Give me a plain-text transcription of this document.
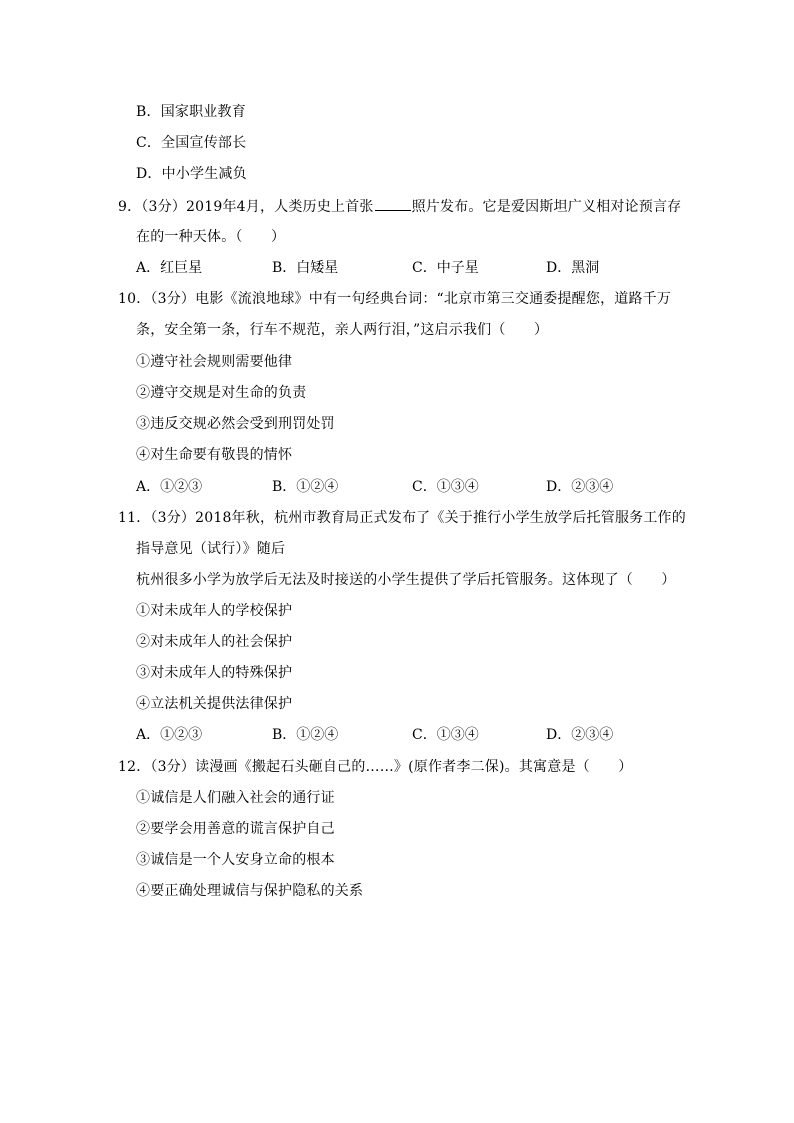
B．国家职业教育
C．全国宣传部长
D．中小学生减负
9．（3分）2019年4月，人类历史上首张	照片发布。它是爱因斯坦广义相对论预言存
在的一种天体。（　　）
A．红巨星	B．白矮星	C．中子星	D．黑洞
10．（3分）电影《流浪地球》中有一句经典台词：“北京市第三交通委提醒您，道路千万
条，安全第一条，行车不规范，亲人两行泪，”这启示我们（　　）
①遵守社会规则需要他律
②遵守交规是对生命的负责
③违反交规必然会受到刑罚处罚
④对生命要有敬畏的情怀
A．①②③	B．①②④	C．①③④	D．②③④
11．（3分）2018年秋，杭州市教育局正式发布了《关于推行小学生放学后托管服务工作的
指导意见（试行）》随后
杭州很多小学为放学后无法及时接送的小学生提供了学后托管服务。这体现了（　　）
①对未成年人的学校保护
②对未成年人的社会保护
③对未成年人的特殊保护
④立法机关提供法律保护
A．①②③	B．①②④	C．①③④	D．②③④
12．（3分）读漫画《搬起石头砸自己的……》(原作者李二保)。其寓意是（　　）
①诚信是人们融入社会的通行证
②要学会用善意的谎言保护自己
③诚信是一个人安身立命的根本
④要正确处理诚信与保护隐私的关系
